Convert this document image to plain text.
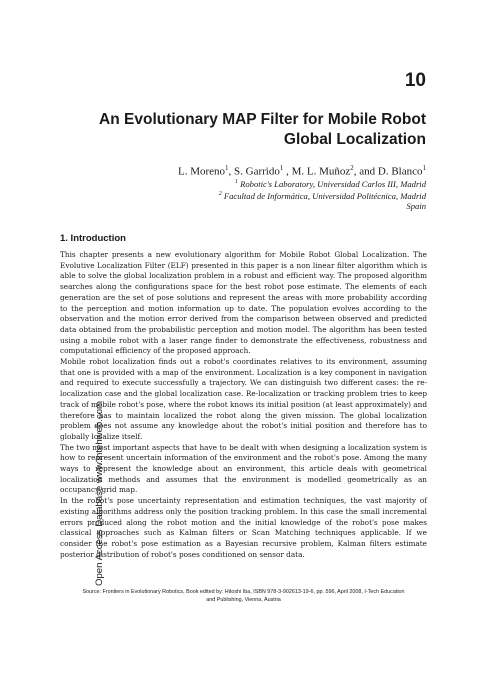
10
An Evolutionary MAP Filter for Mobile Robot
Global Localization
L. Moreno$^1$, S. Garrido$^1$ , M. L. Muñoz$^2$, and D. Blanco$^1$
$^1$ Robotic's Laboratory, Universidad Carlos III, Madrid
$^2$ Facultad de Informática, Universidad Politécnica, Madrid
Spain
1. Introduction

This chapter presents a new evolutionary algorithm for Mobile Robot Global Localization. The Evolutive Localization Filter (ELF) presented in this paper is a non linear filter algorithm which is able to solve the global localization problem in a robust and efficient way. The proposed algorithm searches along the configurations space for the best robot pose estimate. The elements of each generation are the set of pose solutions and represent the areas with more probability according to the perception and motion information up to date. The population evolves according to the observation and the motion error derived from the comparison between observed and predicted data obtained from the probabilistic perception and motion model. The algorithm has been tested using a mobile robot with a laser range finder to demonstrate the effectiveness, robustness and computational efficiency of the proposed approach.

Mobile robot localization finds out a robot's coordinates relatives to its environment, assuming that one is provided with a map of the environment. Localization is a key component in navigation and required to execute successfully a trajectory. We can distinguish two different cases: the re-localization case and the global localization case. Re-localization or tracking problem tries to keep track of mobile robot's pose, where the robot knows its initial position (at least approximately) and therefore has to maintain localized the robot along the given mission. The global localization problem does not assume any knowledge about the robot's initial position and therefore has to globally localize itself.

The two most important aspects that have to be dealt with when designing a localization system is how to represent uncertain information of the environment and the robot's pose. Among the many ways to represent the knowledge about an environment, this article deals with geometrical localization methods and assumes that the environment is modelled geometrically as an occupancy grid map.

In the robot's pose uncertainty representation and estimation techniques, the vast majority of existing algorithms address only the position tracking problem. In this case the small incremental errors produced along the robot motion and the initial knowledge of the robot's pose makes classical approaches such as Kalman filters or Scan Matching techniques applicable. If we consider the robot's pose estimation as a Bayesian recursive problem, Kalman filters estimate posterior distribution of robot's poses conditioned on sensor data.

Open Access Database www.intehweb.com
Source: Frontiers in Evolutionary Robotics, Book edited by: Hitoshi Iba, ISBN 978-3-902613-19-6, pp. 596, April 2008, I-Tech Education
and Publishing, Vienna, Austria
